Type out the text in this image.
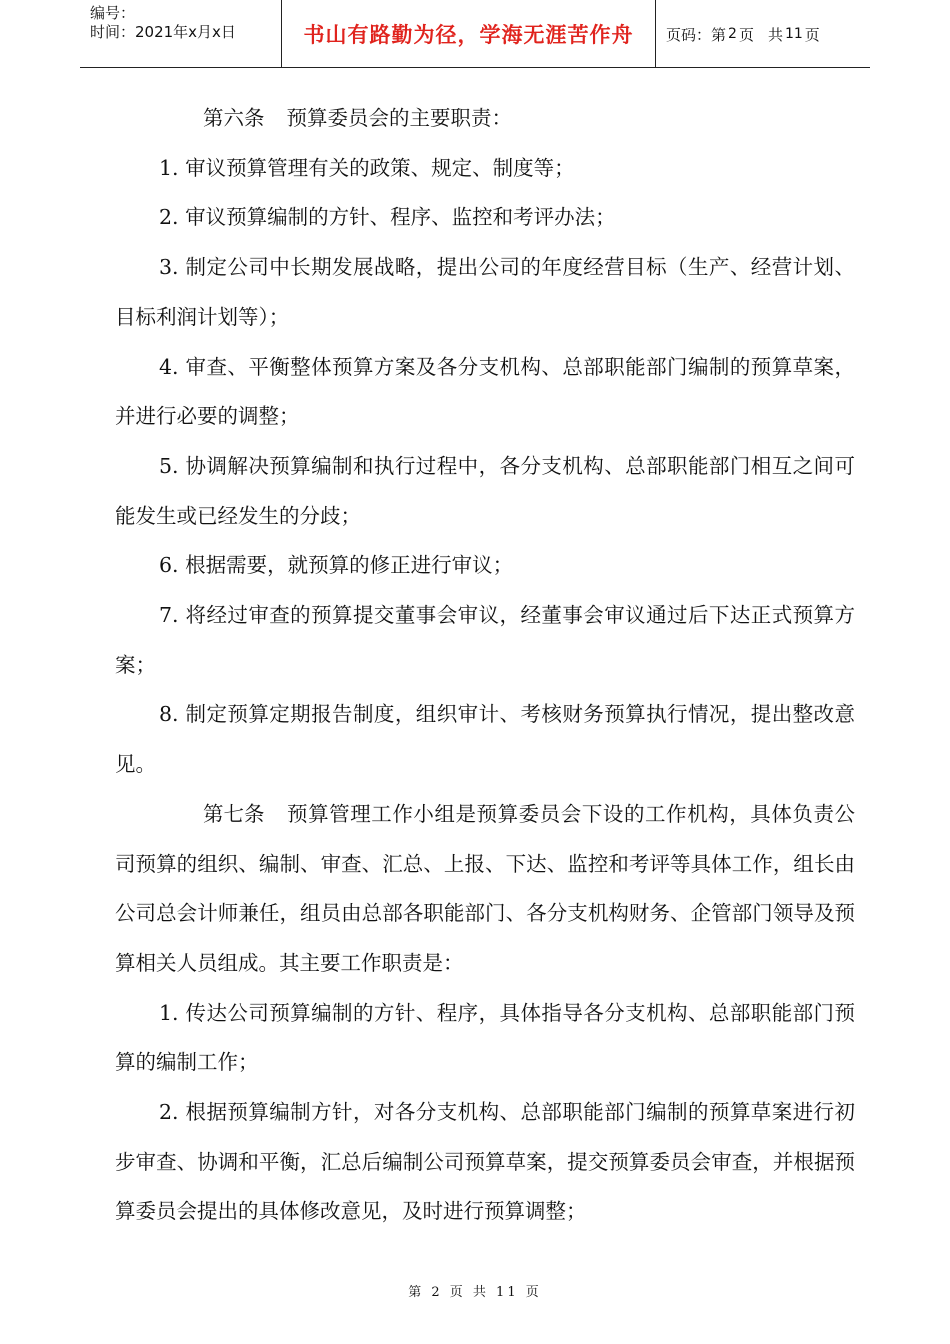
编号：
时间：2021年x月x日	书山有路勤为径，学海无涯苦作舟	页码：第 2 页 共 11 页

第六条 预算委员会的主要职责：

1. 审议预算管理有关的政策、规定、制度等；

2. 审议预算编制的方针、程序、监控和考评办法；

3. 制定公司中长期发展战略，提出公司的年度经营目标（生产、经营计划、目标利润计划等）；

4. 审查、平衡整体预算方案及各分支机构、总部职能部门编制的预算草案，并进行必要的调整；

5. 协调解决预算编制和执行过程中，各分支机构、总部职能部门相互之间可能发生或已经发生的分歧；

6. 根据需要，就预算的修正进行审议；

7. 将经过审查的预算提交董事会审议，经董事会审议通过后下达正式预算方案；

8. 制定预算定期报告制度，组织审计、考核财务预算执行情况，提出整改意见。

第七条 预算管理工作小组是预算委员会下设的工作机构，具体负责公司预算的组织、编制、审查、汇总、上报、下达、监控和考评等具体工作，组长由公司总会计师兼任，组员由总部各职能部门、各分支机构财务、企管部门领导及预算相关人员组成。其主要工作职责是：

1. 传达公司预算编制的方针、程序，具体指导各分支机构、总部职能部门预算的编制工作；

2. 根据预算编制方针，对各分支机构、总部职能部门编制的预算草案进行初步审查、协调和平衡，汇总后编制公司预算草案，提交预算委员会审查，并根据预算委员会提出的具体修改意见，及时进行预算调整；

第 2 页 共 11 页
